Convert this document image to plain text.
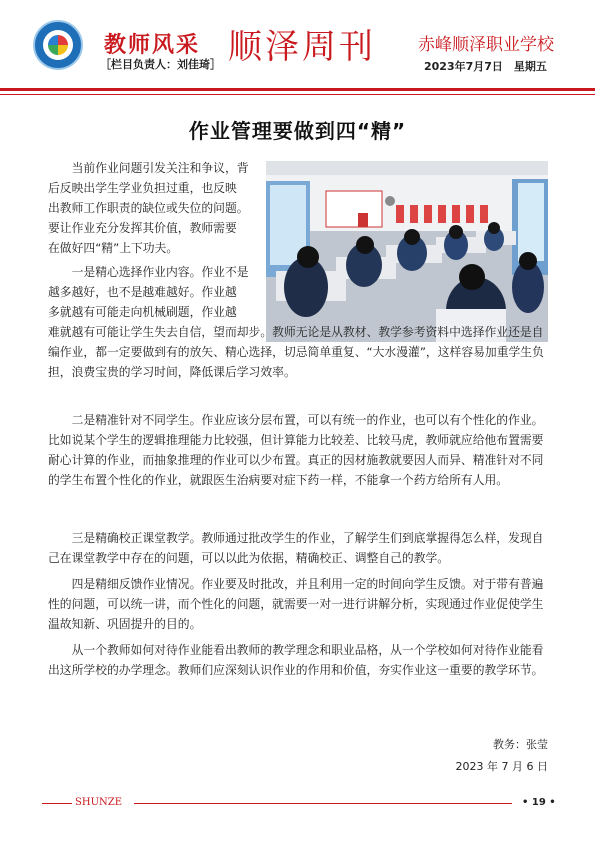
教师风采
［栏目负责人：刘佳琦］ 顺泽周刊 赤峰顺泽职业学校
2023年7月7日　星期五
作业管理要做到四“精”

　　当前作业问题引发关注和争议，背

后反映出学生学业负担过重，也反映

出教师工作职责的缺位或失位的问题。

要让作业充分发挥其价值，教师需要

在做好四“精”上下功夫。

　　一是精心选择作业内容。作业不是

越多越好，也不是越难越好。作业越

多就越有可能走向机械刷题，作业越

难就越有可能让学生失去自信，望而却步。教师无论是从教材、教学参考资料中选择作业还是自编作业，都一定要做到有的放矢、精心选择，切忌简单重复、“大水漫灌”，这样容易加重学生负担，浪费宝贵的学习时间，降低课后学习效率。

　　二是精准针对不同学生。作业应该分层布置，可以有统一的作业，也可以有个性化的作业。比如说某个学生的逻辑推理能力比较强，但计算能力比较差、比较马虎，教师就应给他布置需要耐心计算的作业，而抽象推理的作业可以少布置。真正的因材施教就要因人而异、精准针对不同的学生布置个性化的作业，就跟医生治病要对症下药一样，不能拿一个药方给所有人用。

　　三是精确校正课堂教学。教师通过批改学生的作业，了解学生们到底掌握得怎么样，发现自己在课堂教学中存在的问题，可以以此为依据，精确校正、调整自己的教学。

　　四是精细反馈作业情况。作业要及时批改，并且利用一定的时间向学生反馈。对于带有普遍性的问题，可以统一讲，而个性化的问题，就需要一对一进行讲解分析，实现通过作业促使学生温故知新、巩固提升的目的。

　　从一个教师如何对待作业能看出教师的教学理念和职业品格，从一个学校如何对待作业能看出这所学校的办学理念。教师们应深刻认识作业的作用和价值，夯实作业这一重要的教学环节。

教务：张莹
2023 年 7 月 6 日
SHUNZE	• 19 •
